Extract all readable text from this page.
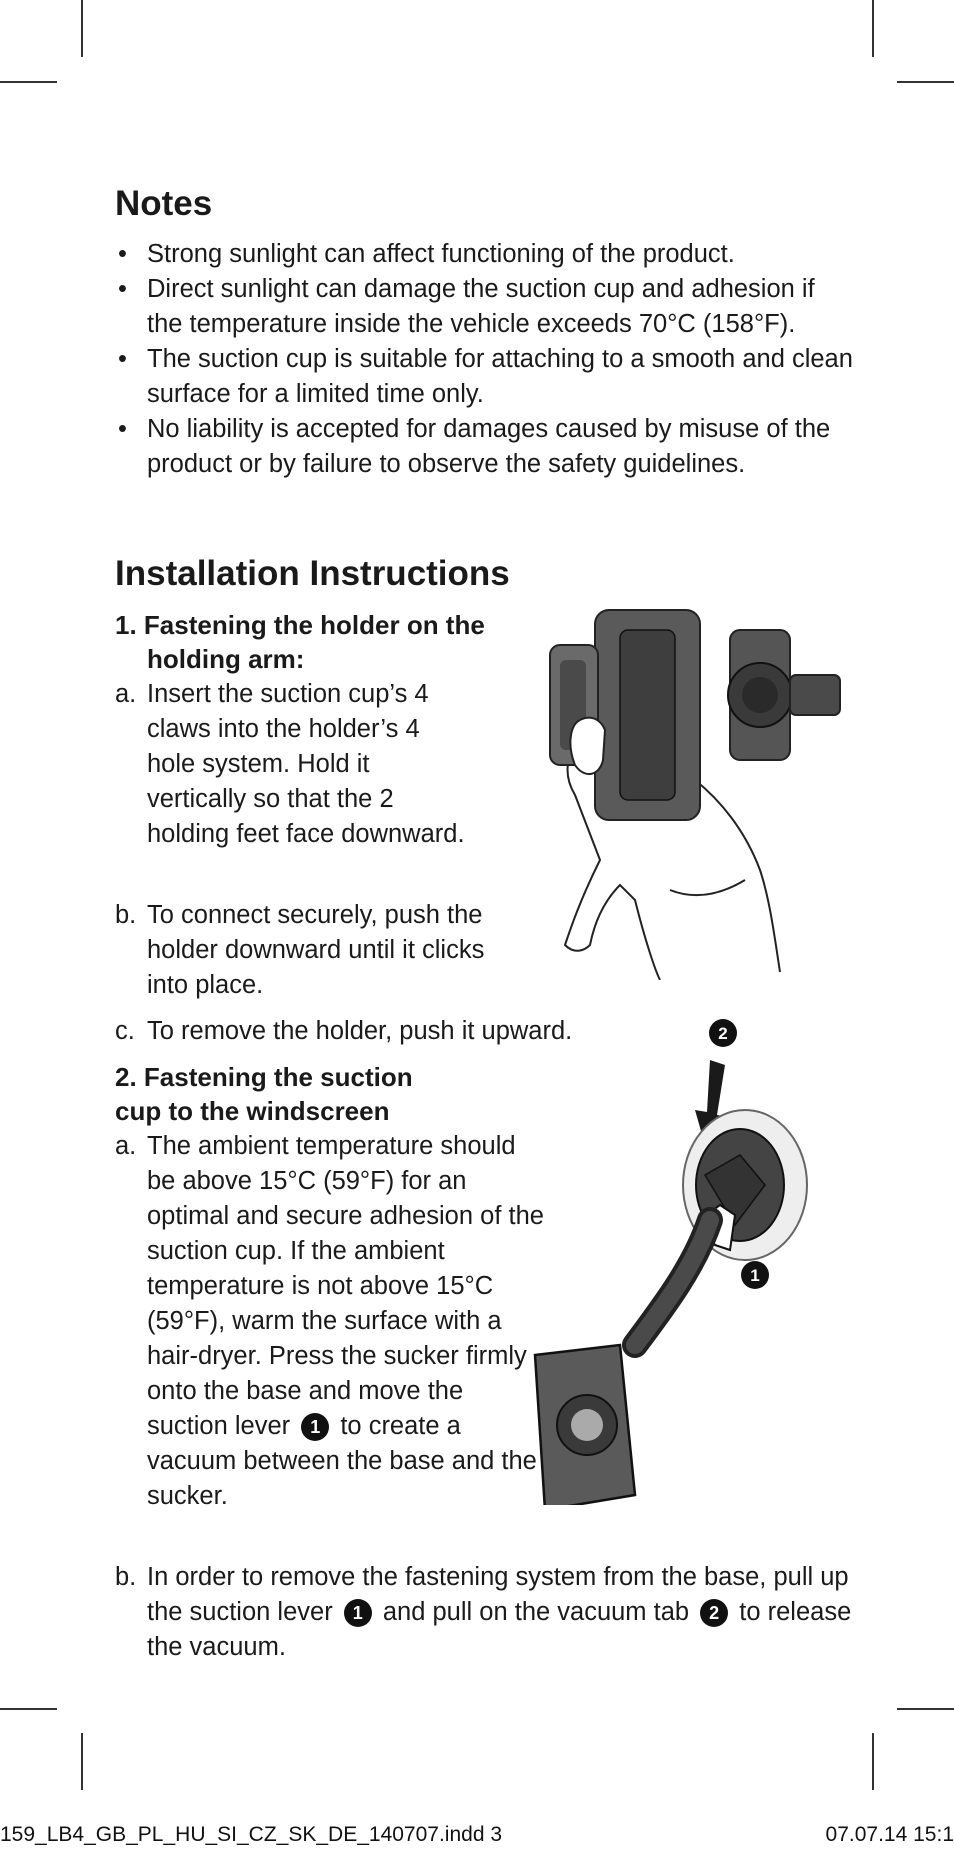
Notes
• Strong sunlight can affect functioning of the product.
• Direct sunlight can damage the suction cup and adhesion if the temperature inside the vehicle exceeds 70°C (158°F).
• The suction cup is suitable for attaching to a smooth and clean surface for a limited time only.
• No liability is accepted for damages caused by misuse of the product or by failure to observe the safety guidelines.
Installation Instructions
1. Fastening the holder on the
holding arm:
a. Insert the suction cup’s 4 claws into the holder’s 4 hole system. Hold it vertically so that the 2 holding feet face downward.
b. To connect securely, push the holder downward until it clicks into place.
c. To remove the holder, push it upward.
2. Fastening the suction
cup to the windscreen
a. The ambient temperature should be above 15°C (59°F) for an optimal and secure adhesion of the suction cup. If the ambient temperature is not above 15°C (59°F), warm the surface with a hair-dryer. Press the sucker firmly onto the base and move the suction lever 1 to create a vacuum between the base and the sucker.
b. In order to remove the fastening system from the base, pull up the suction lever 1 and pull on the vacuum tab 2 to release the vacuum.
2
1
159_LB4_GB_PL_HU_SI_CZ_SK_DE_140707.indd 3	07.07.14 15:1
